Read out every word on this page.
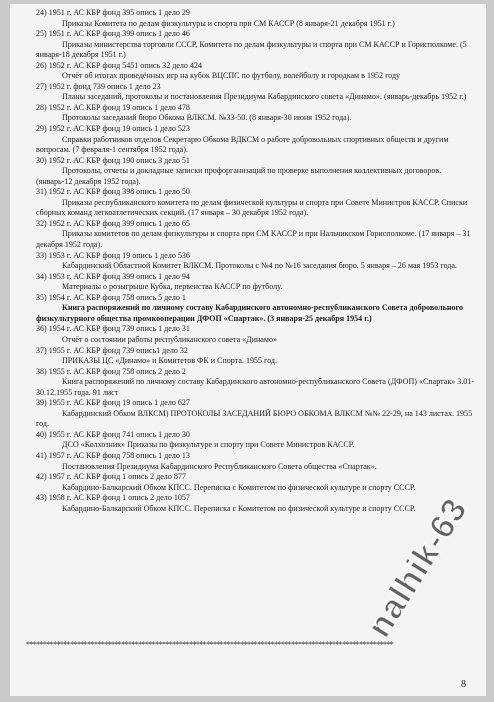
24) 1951 г. АС КБР фонд 395 опись 1 дело 29
Приказы Комитета по делам физкультуры и спорта при СМ КАССР (8 января-21 декабря 1951 г.)
25) 1951 г. АС КБР фонд 399 опись 1 дело 46
Приказы министерства торговли СССР, Комитета по делам физкультуры и спорта при СМ КАССР и Горисполкоме. (5 января-18 декабря 1951 г.)
26) 1952 г. АС КБР фонд 5451 опись 32 дело 424
Отчёт об итогах проведённых игр на кубок ВЦСПС по футболу, волейболу и городкам в 1952 году
27) 1952 г. фонд 739 опись 1 дело 23
Планы заседаний, протоколы и постановления Президиума Кабардинского совета «Динамо». (январь-декабрь 1952 г.)
28) 1952 г. АС КБР фонд 19 опись 1 дело 478
Протоколы заседаний бюро Обкома ВЛКСМ. №33-50. (8 января-30 июня 1952 года).
29) 1952 г. АС КБР фонд 19 опись 1 дело 523
Справки работников отделов Секретарю Обкома ВДКСМ о работе добровольных спортивных обществ и другим вопросам. (7 февраля-1 сентября 1952 года).
30) 1952 г. АС КБР фонд 190 опись 3 дело 51
Протоколы, отчеты и докладные записки профорганизаций по проверке выполнения коллективных договоров. (январь-12 декабря 1952 года).
31) 1952 г. АС КБР фонд 398 опись 1 дело 50
Приказы республиканского комитета по делам физической культуры и спорта при Совете Министров КАССР. Списки сборных команд легкоатлетических секций. (17 января – 30 декабря 1952 года).
32) 1952 г. АС КБР фонд 399 опись 1 дело 65
Приказы комитетов по делам физкультуры и спорта при СМ КАССР и при Нальчикском Горисполкоме. (17 января – 31 декабря 1952 года).
33) 1953 г. АС КБР фонд 19 опись 1 дело 536
Кабардинский Областной Комитет ВЛКСМ. Протоколы с №4 по №16 заседания бюро. 5 января – 26 мая 1953 года.
34) 1953 г. АС КБР фонд 399 опись 1 дело 94
Материалы о розыгрыше Кубка, первенства КАССР по футболу.
35) 1954 г. АС КБР фонд 758 опись 5 дело 1
Книга распоряжений по личному составу Кабардинского автономно-республиканского Совета добровольного физкультурного общества промкооперации ДФОП «Спартак». (3 января-25 декабря 1954 г.)
36) 1954 г. АС КБР фонд 739 опись 1 дело 31
Отчёт о состоянии работы республиканского совета «Динамо»
37) 1955 г. АС КБР фонд 739 опись1 дело 32
ПРИКАЗЫ ЦС «Динамо» и Комитетов ФК и Спорта. 1955 год.
38) 1955 г. АС КБР фонд 758 опись 2 дело 2
Книга распоряжений по личному составу Кабардинского автономно-республиканского Совета (ДФОП) «Спартак» 3.01-30.12.1955 года. 91 лист
39) 1955 г. АС КБР фонд 19 опись 1 дело 627
Кабардинский Обком ВЛКСМ) ПРОТОКОЛЫ ЗАСЕДАНИЙ БЮРО ОБКОМА ВЛКСМ №№ 22-29, на 143 листах. 1955 год.
40) 1955 г. АС КБР фонд 741 опись 1 дело 30
ДСО «Колхозник» Приказы по физкультуре и спорту при Совете Министров КАССР.
41) 1957 г. АС КБР фонд 758 опись 1 дело 13
Постановления Президиума Кабардинского Республиканского Совета общества «Спартак».
42) 1957 г. АС КБР фонд 1 опись 2 дело 877
Кабардино-Балкарский Обком КПСС. Переписка с Комитетом по физической культуре и спорту СССР.
43) 1958 г. АС КБР фонд 1 опись 2 дело 1057
Кабардино-Балкарский Обком КПСС. Переписка с Комитетом по физической культуре и спорту СССР.
************************************************************************************************************
8
nalhik-63
